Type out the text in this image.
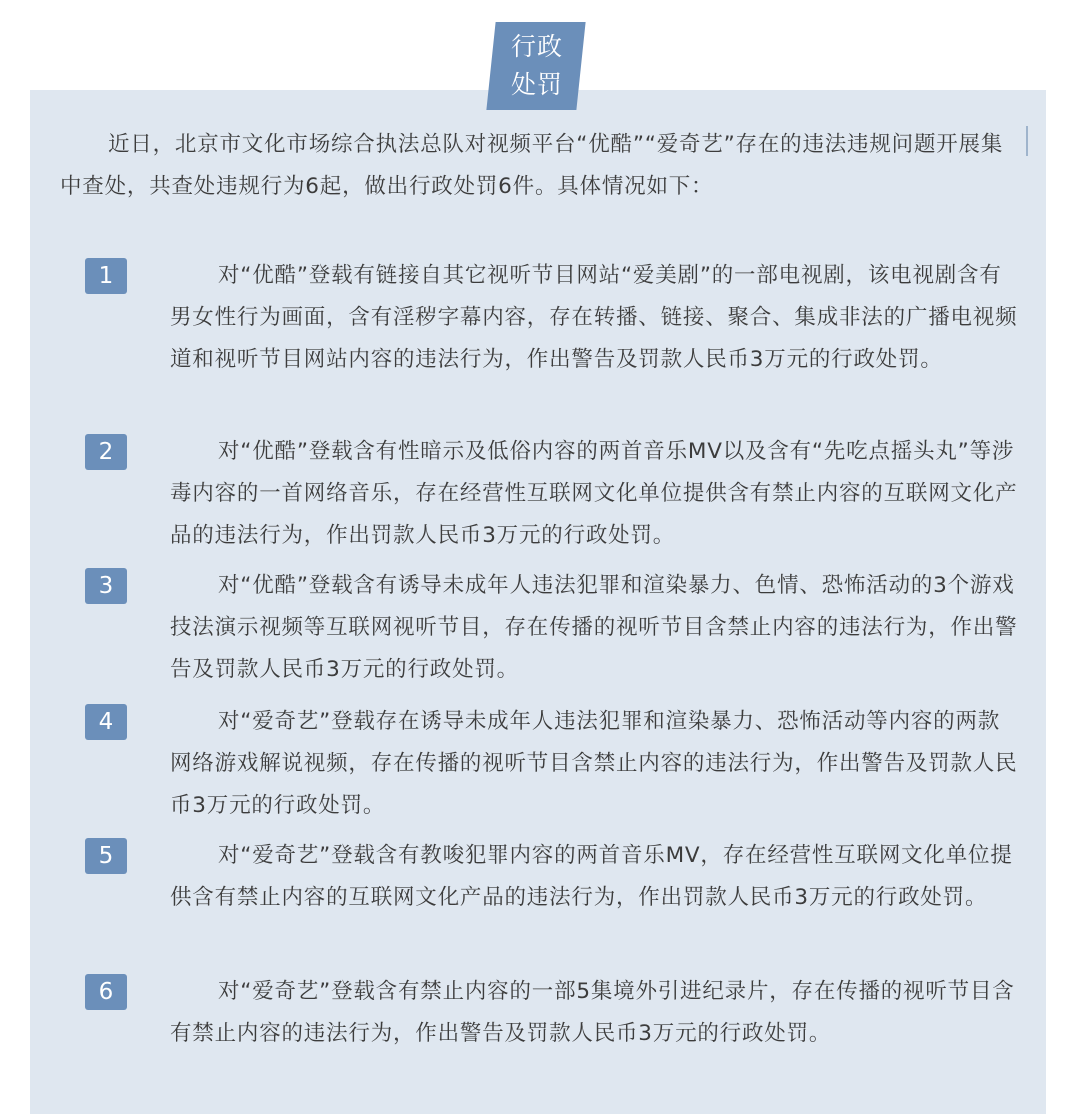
行政
处罚

近日，北京市文化市场综合执法总队对视频平台“优酷”“爱奇艺”存在的违法违规问题开展集中查处，共查处违规行为6起，做出行政处罚6件。具体情况如下：

1	对“优酷”登载有链接自其它视听节目网站“爱美剧”的一部电视剧，该电视剧含有男女性行为画面，含有淫秽字幕内容，存在转播、链接、聚合、集成非法的广播电视频道和视听节目网站内容的违法行为，作出警告及罚款人民币3万元的行政处罚。

2	对“优酷”登载含有性暗示及低俗内容的两首音乐MV以及含有“先吃点摇头丸”等涉毒内容的一首网络音乐，存在经营性互联网文化单位提供含有禁止内容的互联网文化产品的违法行为，作出罚款人民币3万元的行政处罚。

3	对“优酷”登载含有诱导未成年人违法犯罪和渲染暴力、色情、恐怖活动的3个游戏技法演示视频等互联网视听节目，存在传播的视听节目含禁止内容的违法行为，作出警告及罚款人民币3万元的行政处罚。

4	对“爱奇艺”登载存在诱导未成年人违法犯罪和渲染暴力、恐怖活动等内容的两款网络游戏解说视频，存在传播的视听节目含禁止内容的违法行为，作出警告及罚款人民币3万元的行政处罚。

5	对“爱奇艺”登载含有教唆犯罪内容的两首音乐MV，存在经营性互联网文化单位提供含有禁止内容的互联网文化产品的违法行为，作出罚款人民币3万元的行政处罚。

6	对“爱奇艺”登载含有禁止内容的一部5集境外引进纪录片，存在传播的视听节目含有禁止内容的违法行为，作出警告及罚款人民币3万元的行政处罚。
